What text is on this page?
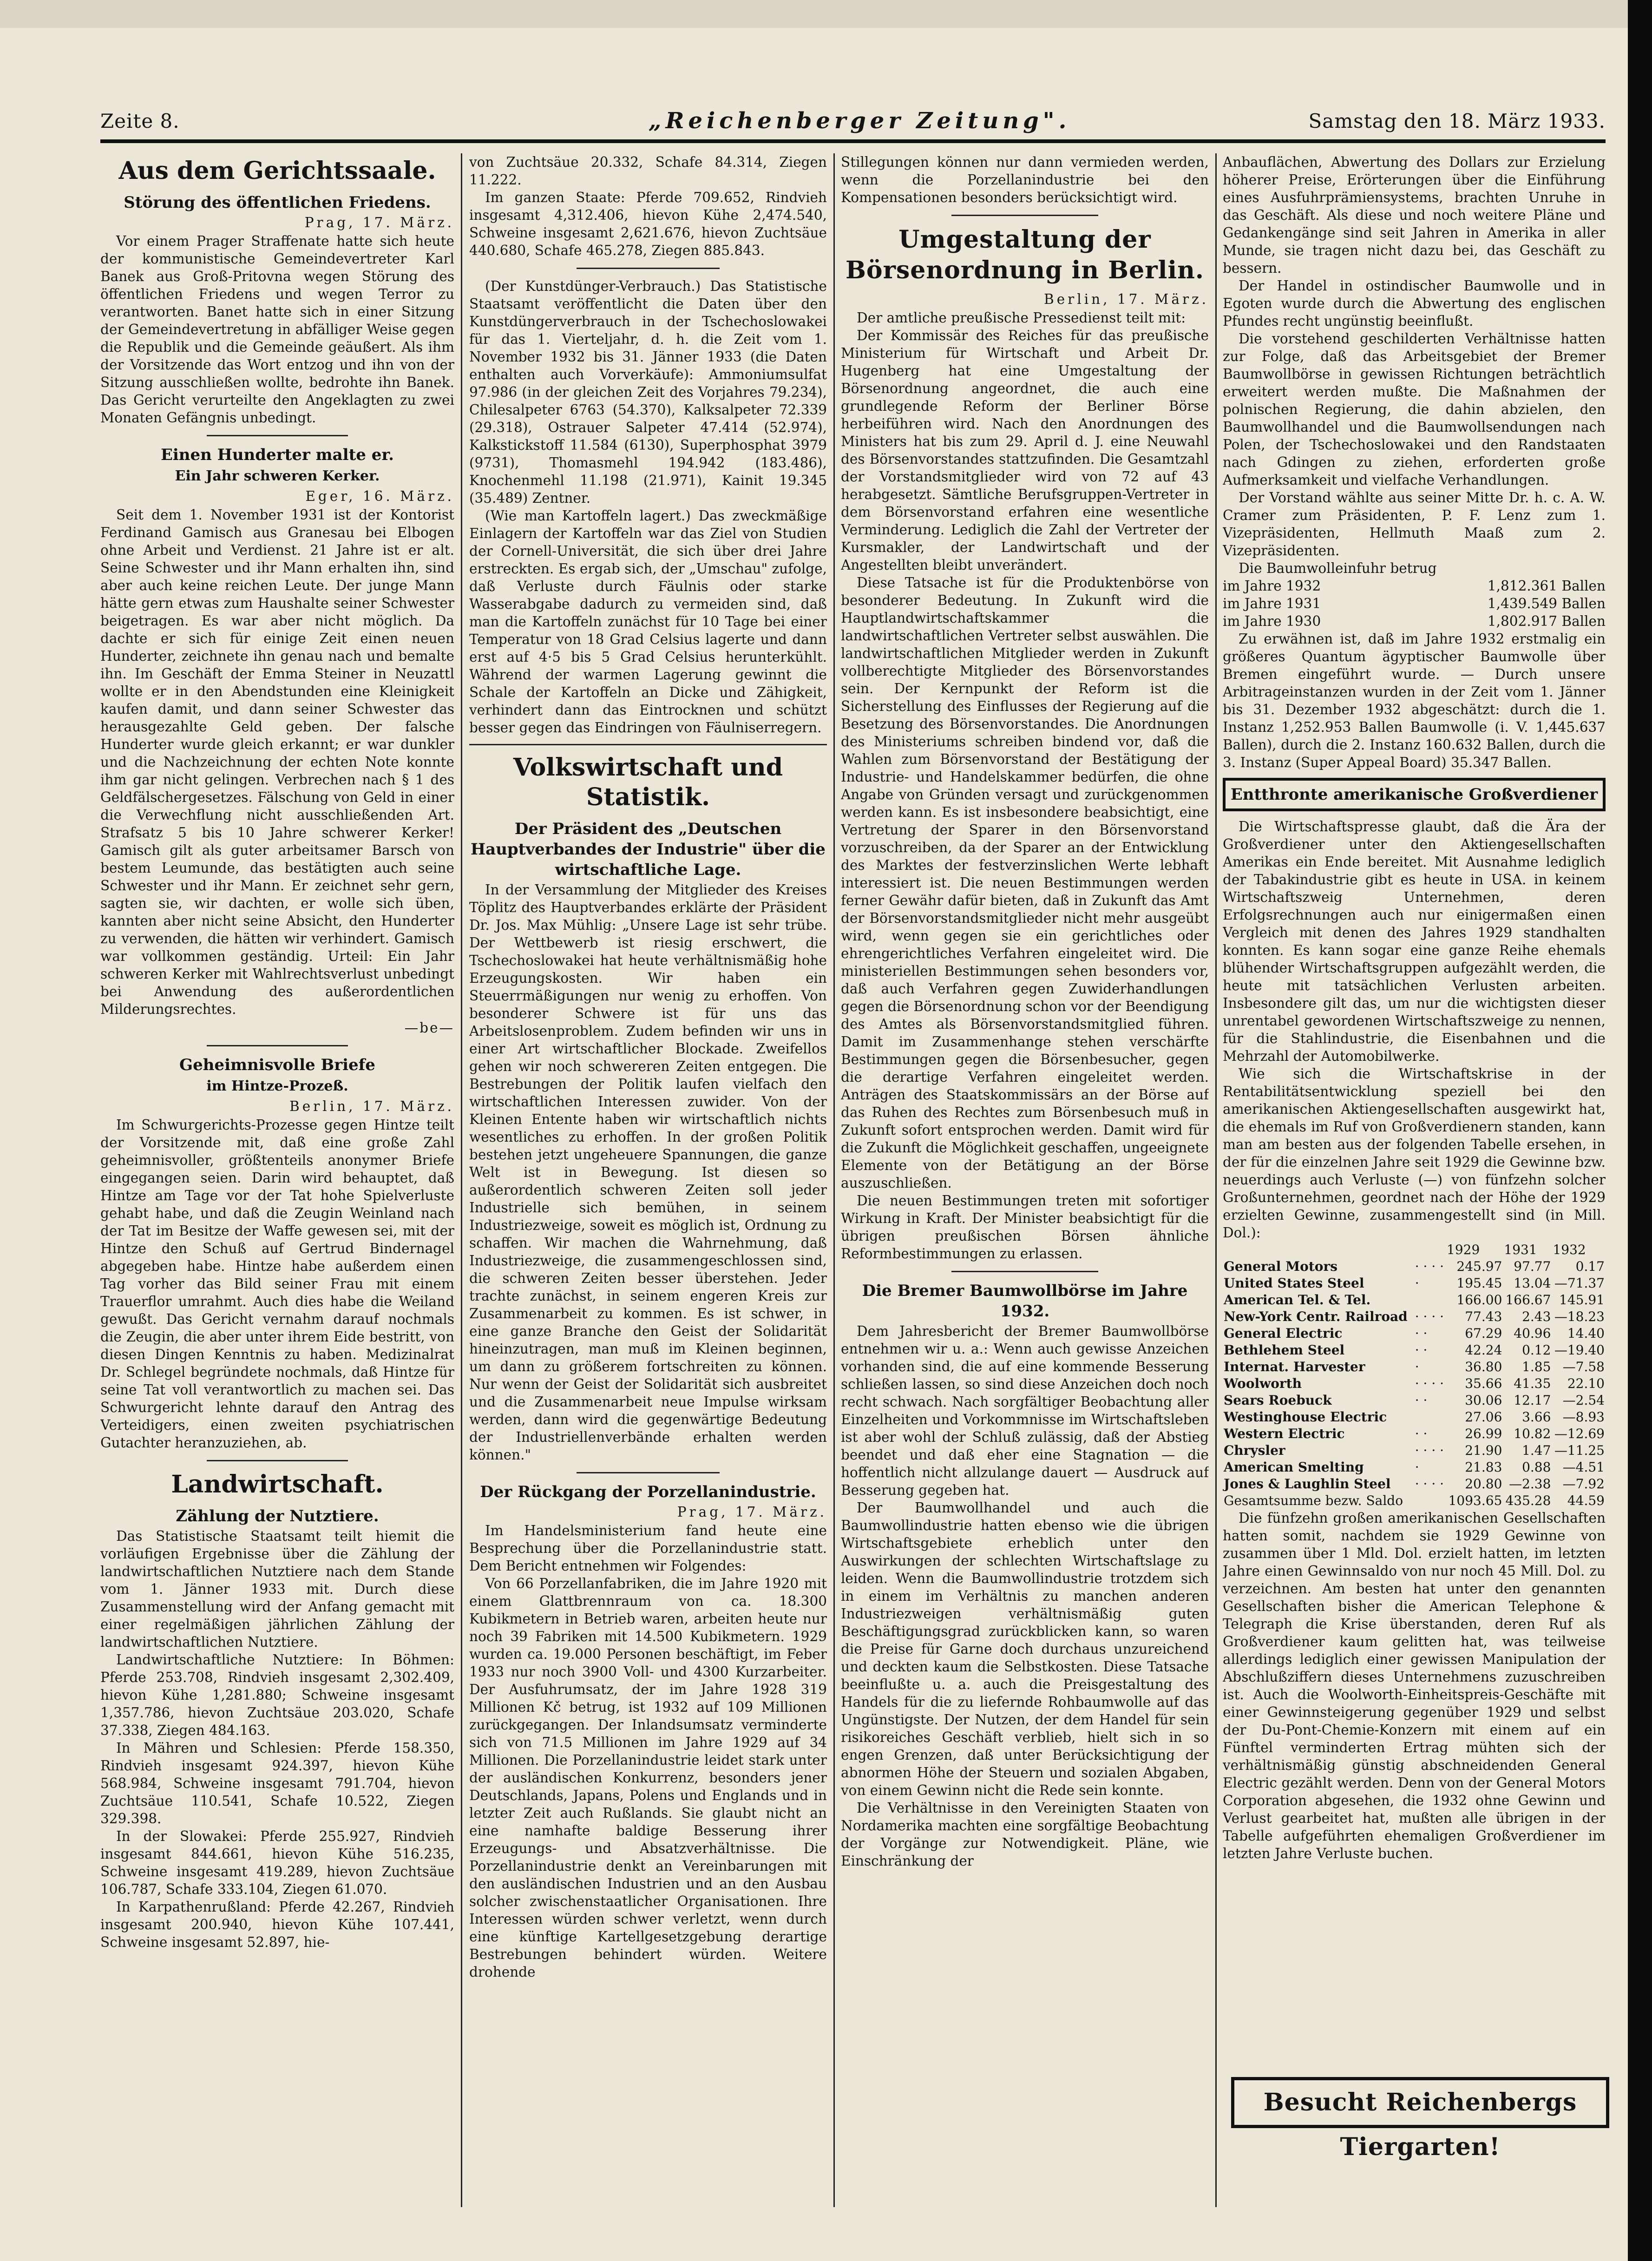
Zeite 8.	„Reichenberger Zeitung".	Samstag den 18. März 1933.
Aus dem Gerichtssaale.
Störung des öffentlichen Friedens.
Prag, 17. März.

Vor einem Prager Straffenate hatte sich heute der kommunistische Gemeindevertreter Karl Banek aus Groß-Pritovna wegen Störung des öffentlichen Friedens und wegen Terror zu verantworten. Banet hatte sich in einer Sitzung der Gemeindevertretung in abfälliger Weise gegen die Republik und die Gemeinde geäußert. Als ihm der Vorsitzende das Wort entzog und ihn von der Sitzung ausschließen wollte, bedrohte ihn Banek. Das Gericht verurteilte den Angeklagten zu zwei Monaten Gefängnis unbedingt.

Einen Hunderter malte er.
Ein Jahr schweren Kerker.
Eger, 16. März.

Seit dem 1. November 1931 ist der Kontorist Ferdinand Gamisch aus Granesau bei Elbogen ohne Arbeit und Verdienst. 21 Jahre ist er alt. Seine Schwester und ihr Mann erhalten ihn, sind aber auch keine reichen Leute. Der junge Mann hätte gern etwas zum Haushalte seiner Schwester beigetragen. Es war aber nicht möglich. Da dachte er sich für einige Zeit einen neuen Hunderter, zeichnete ihn genau nach und bemalte ihn. Im Geschäft der Emma Steiner in Neuzattl wollte er in den Abendstunden eine Kleinigkeit kaufen damit, und dann seiner Schwester das herausgezahlte Geld geben. Der falsche Hunderter wurde gleich erkannt; er war dunkler und die Nachzeichnung der echten Note konnte ihm gar nicht gelingen. Verbrechen nach § 1 des Geldfälschergesetzes. Fälschung von Geld in einer die Verwechflung nicht ausschließenden Art. Strafsatz 5 bis 10 Jahre schwerer Kerker! Gamisch gilt als guter arbeitsamer Barsch von bestem Leumunde, das bestätigten auch seine Schwester und ihr Mann. Er zeichnet sehr gern, sagten sie, wir dachten, er wolle sich üben, kannten aber nicht seine Absicht, den Hunderter zu verwenden, die hätten wir verhindert. Gamisch war vollkommen geständig. Urteil: Ein Jahr schweren Kerker mit Wahlrechtsverlust unbedingt bei Anwendung des außerordentlichen Milderungsrechtes.

—be—
Geheimnisvolle Briefe
im Hintze-Prozeß.
Berlin, 17. März.

Im Schwurgerichts-Prozesse gegen Hintze teilt der Vorsitzende mit, daß eine große Zahl geheimnisvoller, größtenteils anonymer Briefe eingegangen seien. Darin wird behauptet, daß Hintze am Tage vor der Tat hohe Spielverluste gehabt habe, und daß die Zeugin Weinland nach der Tat im Besitze der Waffe gewesen sei, mit der Hintze den Schuß auf Gertrud Bindernagel abgegeben habe. Hintze habe außerdem einen Tag vorher das Bild seiner Frau mit einem Trauerflor umrahmt. Auch dies habe die Weiland gewußt. Das Gericht vernahm darauf nochmals die Zeugin, die aber unter ihrem Eide bestritt, von diesen Dingen Kenntnis zu haben. Medizinalrat Dr. Schlegel begründete nochmals, daß Hintze für seine Tat voll verantwortlich zu machen sei. Das Schwurgericht lehnte darauf den Antrag des Verteidigers, einen zweiten psychiatrischen Gutachter heranzuziehen, ab.

Landwirtschaft.
Zählung der Nutztiere.

Das Statistische Staatsamt teilt hiemit die vorläufigen Ergebnisse über die Zählung der landwirtschaftlichen Nutztiere nach dem Stande vom 1. Jänner 1933 mit. Durch diese Zusammenstellung wird der Anfang gemacht mit einer regelmäßigen jährlichen Zählung der landwirtschaftlichen Nutztiere.

Landwirtschaftliche Nutztiere: In Böhmen: Pferde 253.708, Rindvieh insgesamt 2,302.409, hievon Kühe 1,281.880; Schweine insgesamt 1,357.786, hievon Zuchtsäue 203.020, Schafe 37.338, Ziegen 484.163.

In Mähren und Schlesien: Pferde 158.350, Rindvieh insgesamt 924.397, hievon Kühe 568.984, Schweine insgesamt 791.704, hievon Zuchtsäue 110.541, Schafe 10.522, Ziegen 329.398.

In der Slowakei: Pferde 255.927, Rindvieh insgesamt 844.661, hievon Kühe 516.235, Schweine insgesamt 419.289, hievon Zuchtsäue 106.787, Schafe 333.104, Ziegen 61.070.

In Karpathenrußland: Pferde 42.267, Rindvieh insgesamt 200.940, hievon Kühe 107.441, Schweine insgesamt 52.897, hie-

von Zuchtsäue 20.332, Schafe 84.314, Ziegen 11.222.

Im ganzen Staate: Pferde 709.652, Rindvieh insgesamt 4,312.406, hievon Kühe 2,474.540, Schweine insgesamt 2,621.676, hievon Zuchtsäue 440.680, Schafe 465.278, Ziegen 885.843.

(Der Kunstdünger-Verbrauch.) Das Statistische Staatsamt veröffentlicht die Daten über den Kunstdüngerverbrauch in der Tschechoslowakei für das 1. Vierteljahr, d. h. die Zeit vom 1. November 1932 bis 31. Jänner 1933 (die Daten enthalten auch Vorverkäufe): Ammoniumsulfat 97.986 (in der gleichen Zeit des Vorjahres 79.234), Chilesalpeter 6763 (54.370), Kalksalpeter 72.339 (29.318), Ostrauer Salpeter 47.414 (52.974), Kalkstickstoff 11.584 (6130), Superphosphat 3979 (9731), Thomasmehl 194.942 (183.486), Knochenmehl 11.198 (21.971), Kainit 19.345 (35.489) Zentner.

(Wie man Kartoffeln lagert.) Das zweckmäßige Einlagern der Kartoffeln war das Ziel von Studien der Cornell-Universität, die sich über drei Jahre erstreckten. Es ergab sich, der „Umschau" zufolge, daß Verluste durch Fäulnis oder starke Wasserabgabe dadurch zu vermeiden sind, daß man die Kartoffeln zunächst für 10 Tage bei einer Temperatur von 18 Grad Celsius lagerte und dann erst auf 4·5 bis 5 Grad Celsius herunterkühlt. Während der warmen Lagerung gewinnt die Schale der Kartoffeln an Dicke und Zähigkeit, verhindert dann das Eintrocknen und schützt besser gegen das Eindringen von Fäulniserregern.

Volkswirtschaft und Statistik.
Der Präsident des „Deutschen Hauptverbandes der Industrie" über die wirtschaftliche Lage.

In der Versammlung der Mitglieder des Kreises Töplitz des Hauptverbandes erklärte der Präsident Dr. Jos. Max Mühlig: „Unsere Lage ist sehr trübe. Der Wettbewerb ist riesig erschwert, die Tschechoslowakei hat heute verhältnismäßig hohe Erzeugungskosten. Wir haben ein Steuerrmäßigungen nur wenig zu erhoffen. Von besonderer Schwere ist für uns das Arbeitslosenproblem. Zudem befinden wir uns in einer Art wirtschaftlicher Blockade. Zweifellos gehen wir noch schwereren Zeiten entgegen. Die Bestrebungen der Politik laufen vielfach den wirtschaftlichen Interessen zuwider. Von der Kleinen Entente haben wir wirtschaftlich nichts wesentliches zu erhoffen. In der großen Politik bestehen jetzt ungeheuere Spannungen, die ganze Welt ist in Bewegung. Ist diesen so außerordentlich schweren Zeiten soll jeder Industrielle sich bemühen, in seinem Industriezweige, soweit es möglich ist, Ordnung zu schaffen. Wir machen die Wahrnehmung, daß Industriezweige, die zusammengeschlossen sind, die schweren Zeiten besser überstehen. Jeder trachte zunächst, in seinem engeren Kreis zur Zusammenarbeit zu kommen. Es ist schwer, in eine ganze Branche den Geist der Solidarität hineinzutragen, man muß im Kleinen beginnen, um dann zu größerem fortschreiten zu können. Nur wenn der Geist der Solidarität sich ausbreitet und die Zusammenarbeit neue Impulse wirksam werden, dann wird die gegenwärtige Bedeutung der Industriellenverbände erhalten werden können."

Der Rückgang der Porzellanindustrie.
Prag, 17. März.

Im Handelsministerium fand heute eine Besprechung über die Porzellanindustrie statt. Dem Bericht entnehmen wir Folgendes:

Von 66 Porzellanfabriken, die im Jahre 1920 mit einem Glattbrennraum von ca. 18.300 Kubikmetern in Betrieb waren, arbeiten heute nur noch 39 Fabriken mit 14.500 Kubikmetern. 1929 wurden ca. 19.000 Personen beschäftigt, im Feber 1933 nur noch 3900 Voll- und 4300 Kurzarbeiter. Der Ausfuhrumsatz, der im Jahre 1928 319 Millionen Kč betrug, ist 1932 auf 109 Millionen zurückgegangen. Der Inlandsumsatz verminderte sich von 71.5 Millionen im Jahre 1929 auf 34 Millionen. Die Porzellanindustrie leidet stark unter der ausländischen Konkurrenz, besonders jener Deutschlands, Japans, Polens und Englands und in letzter Zeit auch Rußlands. Sie glaubt nicht an eine namhafte baldige Besserung ihrer Erzeugungs- und Absatzverhältnisse. Die Porzellanindustrie denkt an Vereinbarungen mit den ausländischen Industrien und an den Ausbau solcher zwischenstaatlicher Organisationen. Ihre Interessen würden schwer verletzt, wenn durch eine künftige Kartellgesetzgebung derartige Bestrebungen behindert würden. Weitere drohende

Stillegungen können nur dann vermieden werden, wenn die Porzellanindustrie bei den Kompensationen besonders berücksichtigt wird.

Umgestaltung der Börsenordnung in Berlin.
Berlin, 17. März.

Der amtliche preußische Pressedienst teilt mit:

Der Kommissär des Reiches für das preußische Ministerium für Wirtschaft und Arbeit Dr. Hugenberg hat eine Umgestaltung der Börsenordnung angeordnet, die auch eine grundlegende Reform der Berliner Börse herbeiführen wird. Nach den Anordnungen des Ministers hat bis zum 29. April d. J. eine Neuwahl des Börsenvorstandes stattzufinden. Die Gesamtzahl der Vorstandsmitglieder wird von 72 auf 43 herabgesetzt. Sämtliche Berufsgruppen-Vertreter in dem Börsenvorstand erfahren eine wesentliche Verminderung. Lediglich die Zahl der Vertreter der Kursmakler, der Landwirtschaft und der Angestellten bleibt unverändert.

Diese Tatsache ist für die Produktenbörse von besonderer Bedeutung. In Zukunft wird die Hauptlandwirtschaftskammer die landwirtschaftlichen Vertreter selbst auswählen. Die landwirtschaftlichen Mitglieder werden in Zukunft vollberechtigte Mitglieder des Börsenvorstandes sein. Der Kernpunkt der Reform ist die Sicherstellung des Einflusses der Regierung auf die Besetzung des Börsenvorstandes. Die Anordnungen des Ministeriums schreiben bindend vor, daß die Wahlen zum Börsenvorstand der Bestätigung der Industrie- und Handelskammer bedürfen, die ohne Angabe von Gründen versagt und zurückgenommen werden kann. Es ist insbesondere beabsichtigt, eine Vertretung der Sparer in den Börsenvorstand vorzuschreiben, da der Sparer an der Entwicklung des Marktes der festverzinslichen Werte lebhaft interessiert ist. Die neuen Bestimmungen werden ferner Gewähr dafür bieten, daß in Zukunft das Amt der Börsenvorstandsmitglieder nicht mehr ausgeübt wird, wenn gegen sie ein gerichtliches oder ehrengerichtliches Verfahren eingeleitet wird. Die ministeriellen Bestimmungen sehen besonders vor, daß auch Verfahren gegen Zuwiderhandlungen gegen die Börsenordnung schon vor der Beendigung des Amtes als Börsenvorstandsmitglied führen. Damit im Zusammenhange stehen verschärfte Bestimmungen gegen die Börsenbesucher, gegen die derartige Verfahren eingeleitet werden. Anträgen des Staatskommissärs an der Börse auf das Ruhen des Rechtes zum Börsenbesuch muß in Zukunft sofort entsprochen werden. Damit wird für die Zukunft die Möglichkeit geschaffen, ungeeignete Elemente von der Betätigung an der Börse auszuschließen.

Die neuen Bestimmungen treten mit sofortiger Wirkung in Kraft. Der Minister beabsichtigt für die übrigen preußischen Börsen ähnliche Reformbestimmungen zu erlassen.

Die Bremer Baumwollbörse im Jahre 1932.

Dem Jahresbericht der Bremer Baumwollbörse entnehmen wir u. a.: Wenn auch gewisse Anzeichen vorhanden sind, die auf eine kommende Besserung schließen lassen, so sind diese Anzeichen doch noch recht schwach. Nach sorgfältiger Beobachtung aller Einzelheiten und Vorkommnisse im Wirtschaftsleben ist aber wohl der Schluß zulässig, daß der Abstieg beendet und daß eher eine Stagnation — die hoffentlich nicht allzulange dauert — Ausdruck auf Besserung gegeben hat.

Der Baumwollhandel und auch die Baumwollindustrie hatten ebenso wie die übrigen Wirtschaftsgebiete erheblich unter den Auswirkungen der schlechten Wirtschaftslage zu leiden. Wenn die Baumwollindustrie trotzdem sich in einem im Verhältnis zu manchen anderen Industriezweigen verhältnismäßig guten Beschäftigungsgrad zurückblicken kann, so waren die Preise für Garne doch durchaus unzureichend und deckten kaum die Selbstkosten. Diese Tatsache beeinflußte u. a. auch die Preisgestaltung des Handels für die zu liefernde Rohbaumwolle auf das Ungünstigste. Der Nutzen, der dem Handel für sein risikoreiches Geschäft verblieb, hielt sich in so engen Grenzen, daß unter Berücksichtigung der abnormen Höhe der Steuern und sozialen Abgaben, von einem Gewinn nicht die Rede sein konnte.

Die Verhältnisse in den Vereinigten Staaten von Nordamerika machten eine sorgfältige Beobachtung der Vorgänge zur Notwendigkeit. Pläne, wie Einschränkung der

Anbauflächen, Abwertung des Dollars zur Erzielung höherer Preise, Erörterungen über die Einführung eines Ausfuhrprämiensystems, brachten Unruhe in das Geschäft. Als diese und noch weitere Pläne und Gedankengänge sind seit Jahren in Amerika in aller Munde, sie tragen nicht dazu bei, das Geschäft zu bessern.

Der Handel in ostindischer Baumwolle und in Egoten wurde durch die Abwertung des englischen Pfundes recht ungünstig beeinflußt.

Die vorstehend geschilderten Verhältnisse hatten zur Folge, daß das Arbeitsgebiet der Bremer Baumwollbörse in gewissen Richtungen beträchtlich erweitert werden mußte. Die Maßnahmen der polnischen Regierung, die dahin abzielen, den Baumwollhandel und die Baumwollsendungen nach Polen, der Tschechoslowakei und den Randstaaten nach Gdingen zu ziehen, erforderten große Aufmerksamkeit und vielfache Verhandlungen.

Der Vorstand wählte aus seiner Mitte Dr. h. c. A. W. Cramer zum Präsidenten, P. F. Lenz zum 1. Vizepräsidenten, Hellmuth Maaß zum 2. Vizepräsidenten.

Die Baumwolleinfuhr betrug

im Jahre 1932	1,812.361 Ballen
im Jahre 1931	1,439.549 Ballen
im Jahre 1930	1,802.917 Ballen

Zu erwähnen ist, daß im Jahre 1932 erstmalig ein größeres Quantum ägyptischer Baumwolle über Bremen eingeführt wurde. — Durch unsere Arbitrageinstanzen wurden in der Zeit vom 1. Jänner bis 31. Dezember 1932 abgeschätzt: durch die 1. Instanz 1,252.953 Ballen Baumwolle (i. V. 1,445.637 Ballen), durch die 2. Instanz 160.632 Ballen, durch die 3. Instanz (Super Appeal Board) 35.347 Ballen.

Entthronte amerikanische Großverdiener

Die Wirtschaftspresse glaubt, daß die Ära der Großverdiener unter den Aktiengesellschaften Amerikas ein Ende bereitet. Mit Ausnahme lediglich der Tabakindustrie gibt es heute in USA. in keinem Wirtschaftszweig Unternehmen, deren Erfolgsrechnungen auch nur einigermaßen einen Vergleich mit denen des Jahres 1929 standhalten konnten. Es kann sogar eine ganze Reihe ehemals blühender Wirtschaftsgruppen aufgezählt werden, die heute mit tatsächlichen Verlusten arbeiten. Insbesondere gilt das, um nur die wichtigsten dieser unrentabel gewordenen Wirtschaftszweige zu nennen, für die Stahlindustrie, die Eisenbahnen und die Mehrzahl der Automobilwerke.

Wie sich die Wirtschaftskrise in der Rentabilitätsentwicklung speziell bei den amerikanischen Aktiengesellschaften ausgewirkt hat, die ehemals im Ruf von Großverdienern standen, kann man am besten aus der folgenden Tabelle ersehen, in der für die einzelnen Jahre seit 1929 die Gewinne bzw. neuerdings auch Verluste (—) von fünfzehn solcher Großunternehmen, geordnet nach der Höhe der 1929 erzielten Gewinne, zusammengestellt sind (in Mill. Dol.):

		1929	1931	1932
General Motors	· · · ·	245.97	97.77	0.17
United States Steel	·	195.45	13.04	—71.37
American Tel. & Tel.		166.00	166.67	145.91
New-York Centr. Railroad	· · · ·	77.43	2.43	—18.23
General Electric	· ·	67.29	40.96	14.40
Bethlehem Steel	· ·	42.24	0.12	—19.40
Internat. Harvester	·	36.80	1.85	—7.58
Woolworth	· · · ·	35.66	41.35	22.10
Sears Roebuck	· ·	30.06	12.17	—2.54
Westinghouse Electric		27.06	3.66	—8.93
Western Electric	· ·	26.99	10.82	—12.69
Chrysler	· · · ·	21.90	1.47	—11.25
American Smelting	·	21.83	0.88	—4.51
Jones & Laughlin Steel	· · · ·	20.80	—2.38	—7.92
Gesamtsumme bezw. Saldo		1093.65	435.28	44.59

Die fünfzehn großen amerikanischen Gesellschaften hatten somit, nachdem sie 1929 Gewinne von zusammen über 1 Mld. Dol. erzielt hatten, im letzten Jahre einen Gewinnsaldo von nur noch 45 Mill. Dol. zu verzeichnen. Am besten hat unter den genannten Gesellschaften bisher die American Telephone & Telegraph die Krise überstanden, deren Ruf als Großverdiener kaum gelitten hat, was teilweise allerdings lediglich einer gewissen Manipulation der Abschlußziffern dieses Unternehmens zuzuschreiben ist. Auch die Woolworth-Einheitspreis-Geschäfte mit einer Gewinnsteigerung gegenüber 1929 und selbst der Du-Pont-Chemie-Konzern mit einem auf ein Fünftel verminderten Ertrag mühten sich der verhältnismäßig günstig abschneidenden General Electric gezählt werden. Denn von der General Motors Corporation abgesehen, die 1932 ohne Gewinn und Verlust gearbeitet hat, mußten alle übrigen in der Tabelle aufgeführten ehemaligen Großverdiener im letzten Jahre Verluste buchen.

Besucht Reichenbergs Tiergarten!
